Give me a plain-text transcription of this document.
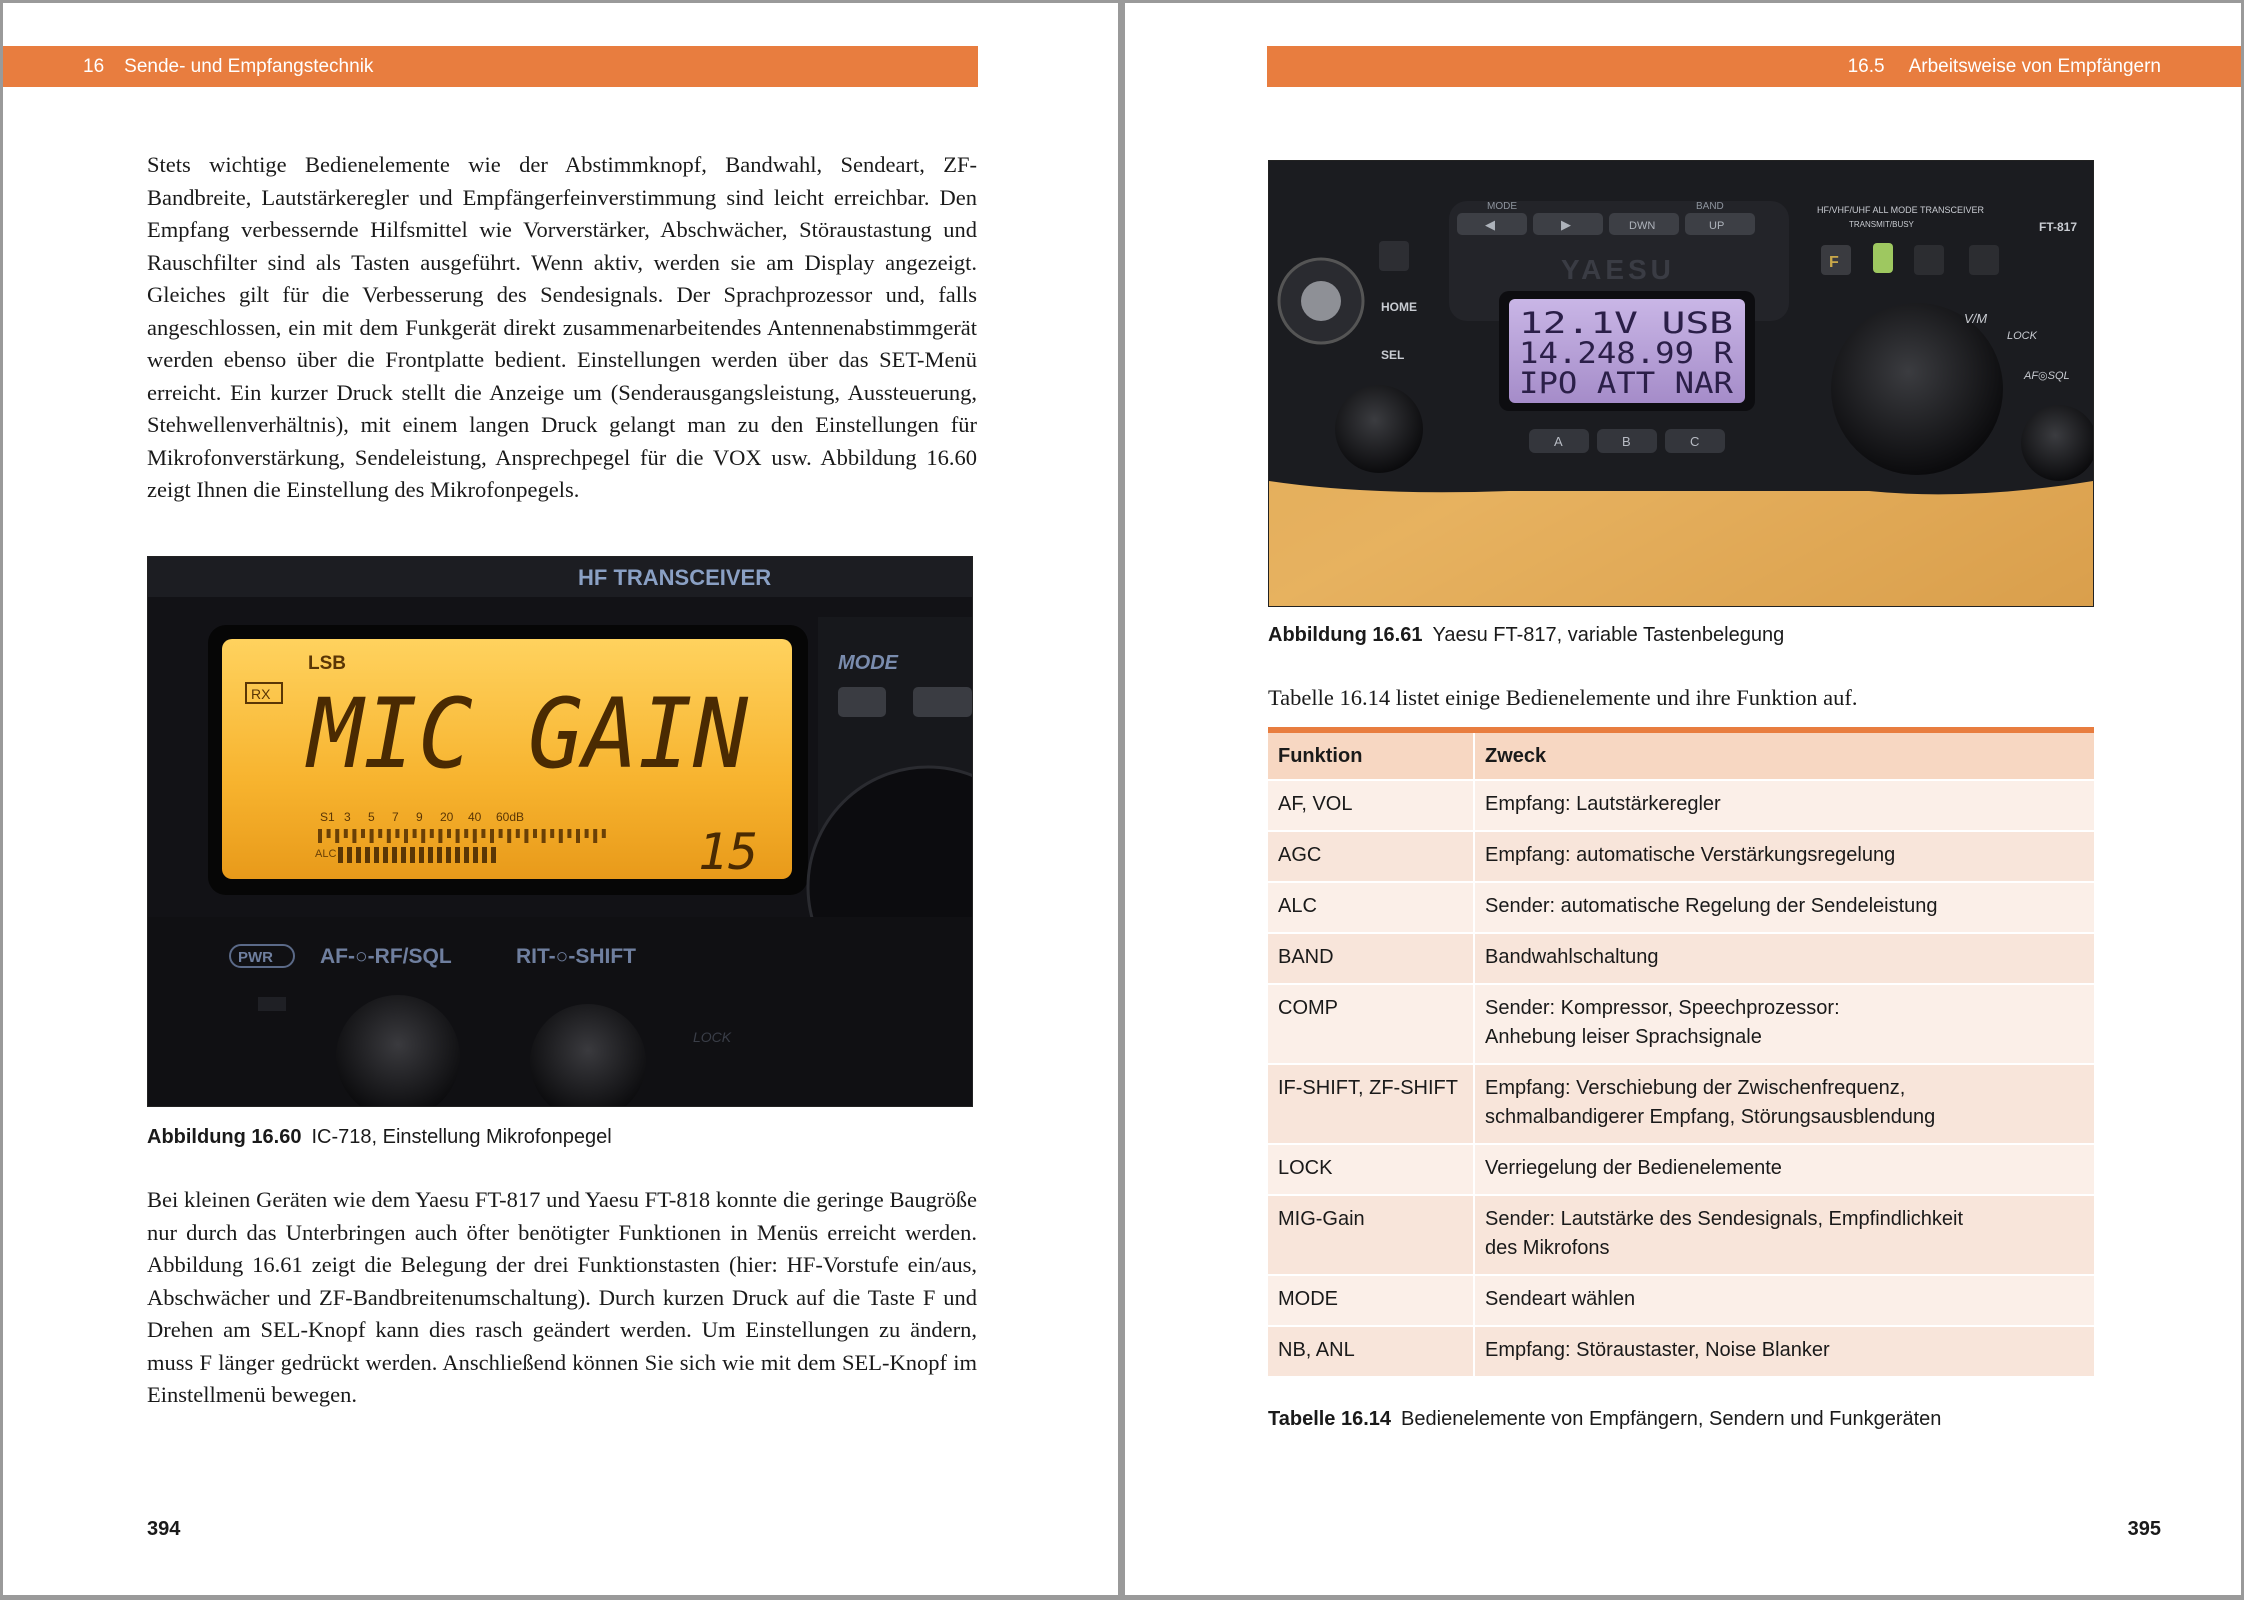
16 Sende- und Empfangstechnik

Stets wichtige Bedienelemente wie der Abstimmknopf, Bandwahl, Sendeart, ZF-Bandbreite, Lautstärkeregler und Empfängerfeinverstimmung sind leicht erreichbar. Den Empfang verbessernde Hilfsmittel wie Vorverstärker, Abschwächer, Störaustastung und Rauschfilter sind als Tasten ausgeführt. Wenn aktiv, werden sie am Display angezeigt. Gleiches gilt für die Verbesserung des Sendesignals. Der Sprachprozessor und, falls angeschlossen, ein mit dem Funkgerät direkt zusammenarbeitendes Antennenabstimmgerät werden ebenso über die Frontplatte bedient. Einstellungen werden über das SET-Menü erreicht. Ein kurzer Druck stellt die Anzeige um (Senderausgangsleistung, Aussteuerung, Stehwellenverhältnis), mit einem langen Druck gelangt man zu den Einstellungen für Mikrofonverstärkung, Sendeleistung, Ansprechpegel für die VOX usw. Abbildung 16.60 zeigt Ihnen die Einstellung des Mikrofonpegels.

HF TRANSCEIVER
LSB
RX MIC GAIN
S1 3 5 7 9 20 40 60dB
ALC	15
MODE
PWR AF-○-RF/SQL	RIT-○-SHIFT
LOCK
Abbildung 16.60 IC-718, Einstellung Mikrofonpegel

Bei kleinen Geräten wie dem Yaesu FT-817 und Yaesu FT-818 konnte die geringe Baugröße nur durch das Unterbringen auch öfter benötigter Funktionen in Menüs erreicht werden. Abbildung 16.61 zeigt die Belegung der drei Funktionstasten (hier: HF-Vorstufe ein/aus, Abschwächer und ZF-Bandbreitenumschaltung). Durch kurzen Druck auf die Taste F und Drehen am SEL-Knopf kann dies rasch geändert werden. Um Einstellungen zu ändern, muss F länger gedrückt werden. Anschließend können Sie sich wie mit dem SEL-Knopf im Einstellmenü bewegen.

394
16.5 Arbeitsweise von Empfängern
MODE	BAND
◀	▶	DWN	UP
YAESU
12.1V USB
14.248.99 R
IPO ATT NAR
A	B	C
HOME
SEL
HF/VHF/UHF ALL MODE TRANSCEIVER
TRANSMIT/BUSY	FT-817
F
V/M
LOCK
AF◎SQL
Abbildung 16.61 Yaesu FT-817, variable Tastenbelegung

Tabelle 16.14 listet einige Bedienelemente und ihre Funktion auf.

Funktion	Zweck
AF, VOL	Empfang: Lautstärkeregler
AGC	Empfang: automatische Verstärkungsregelung
ALC	Sender: automatische Regelung der Sendeleistung
BAND	Bandwahlschaltung
COMP	Sender: Kompressor, Speechprozessor:
Anhebung leiser Sprachsignale
IF-SHIFT, ZF-SHIFT	Empfang: Verschiebung der Zwischenfrequenz,
schmalbandigerer Empfang, Störungsausblendung
LOCK	Verriegelung der Bedienelemente
MIG-Gain	Sender: Lautstärke des Sendesignals, Empfindlichkeit
des Mikrofons
MODE	Sendeart wählen
NB, ANL	Empfang: Störaustaster, Noise Blanker
Tabelle 16.14 Bedienelemente von Empfängern, Sendern und Funkgeräten
395
